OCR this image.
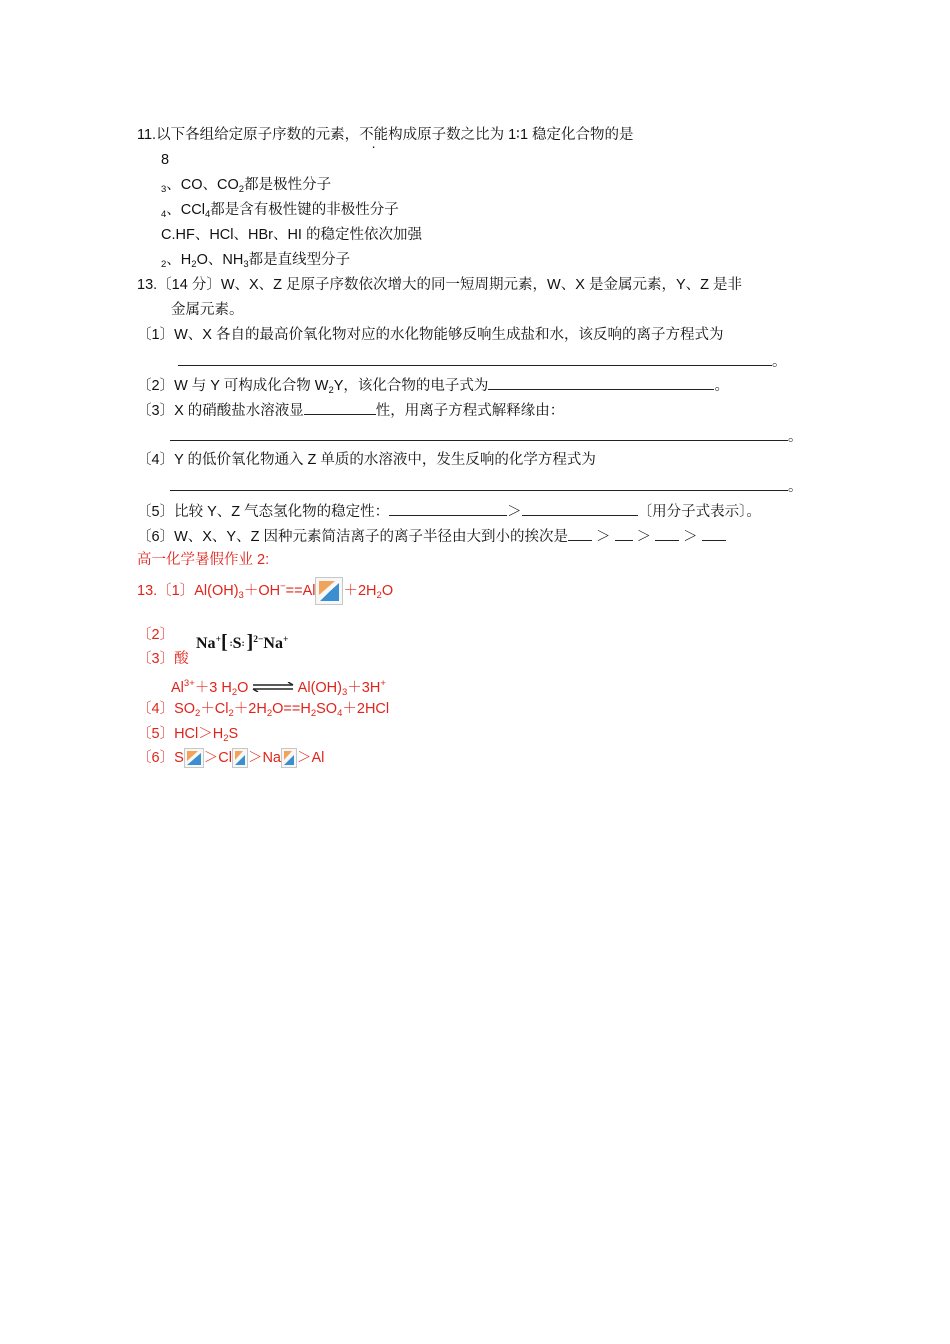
11.以下各组给定原子序数的元素，不能构成原子数之比为 1∶1 稳定化合物的是
8
$_3$、CO、$CO_2$都是极性分子
$_4$、CCl$_4$都是含有极性键的非极性分子
C.HF、HCl、HBr、HI 的稳定性依次加强
$_2$、$H_2O$、$NH_3$都是直线型分子
13.〔14 分〕W、X、Z 足原子序数依次增大的同一短周期元素，W、X 是金属元素，Y、Z 是非
金属元素。
〔1〕W、X 各自的最高价氧化物对应的水化物能够反响生成盐和水，该反响的离子方程式为
。
〔2〕W 与 Y 可构成化合物 $W_2Y$，该化合物的电子式为	。
〔3〕X 的硝酸盐水溶液显	性，用离子方程式解释缘由：
。
〔4〕Y 的低价氧化物通入 Z 单质的水溶液中，发生反响的化学方程式为
。
〔5〕比较 Y、Z 气态氢化物的稳定性：	＞	〔用分子式表示〕。
〔6〕W、X、Y、Z 因种元素简洁离子的离子半径由大到小的挨次是 ＞ ＞ ＞
高一化学暑假作业 2:
13.〔1〕$Al(OH)_3+OH^-==Al +2H_2O$
〔2〕 Na+[ :S: ]$^{2-}$Na+
〔3〕酸
$Al^{3+}+3$ $H_2O$ ⇌ $Al(OH)_3+3H^+$
〔4〕$SO_2+Cl_2+2H_2O==H_2SO_4+2HCl$
〔5〕$HCl>H_2S$
〔6〕S ＞Cl ＞Na ＞Al
